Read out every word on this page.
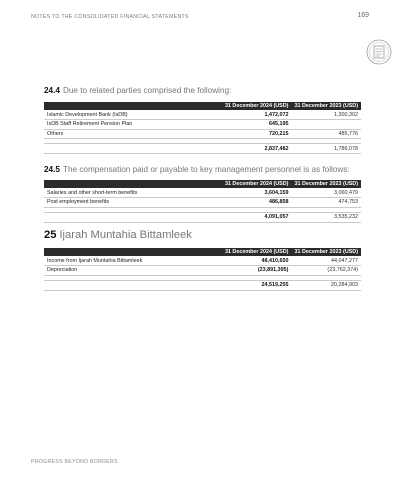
NOTES TO THE CONSOLIDATED FINANCIAL STATEMENTS	169
24.4 Due to related parties comprised the following:
	31 December 2024 (USD)	31 December 2023 (USD)
Islamic Development Bank (IsDB)	1,472,072	1,300,302
IsDB Staff Retirement Pension Plan	645,195	
Others	720,215	485,776

	2,837,482	1,786,078
24.5 The compensation paid or payable to key management personnel is as follows:
	31 December 2024 (USD)	31 December 2023 (USD)
Salaries and other short-term benefits	3,604,159	3,060,479
Post employment benefits	486,858	474,753

	4,091,057	3,535,232
25 Ijarah Muntahia Bittamleek
	31 December 2024 (USD)	31 December 2023 (USD)
Income from Ijarah Muntahia Bittamleek	48,410,650	44,047,277
Depreciation	(23,891,395)	(23,762,374)

	24,519,255	20,284,903
PROGRESS BEYOND BORDERS
